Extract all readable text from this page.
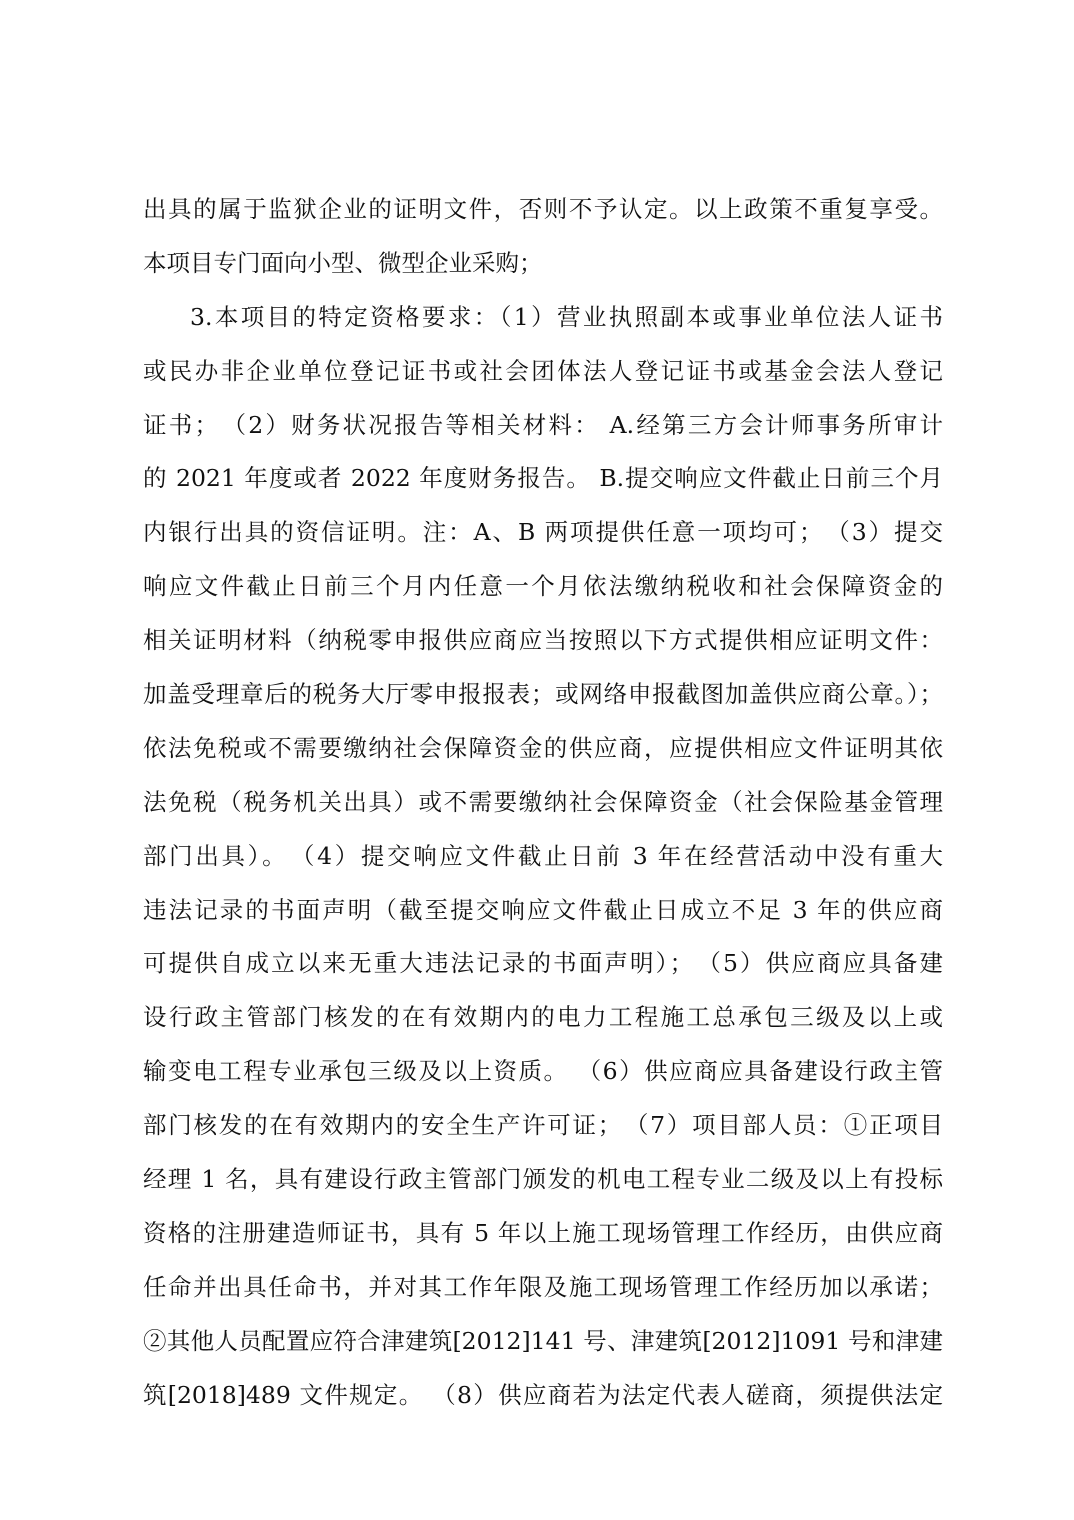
出具的属于监狱企业的证明文件，否则不予认定。以上政策不重复享受。
本项目专门面向小型、微型企业采购；
3.本项目的特定资格要求：（1）营业执照副本或事业单位法人证书
或民办非企业单位登记证书或社会团体法人登记证书或基金会法人登记
证书；　（2）财务状况报告等相关材料： A.经第三方会计师事务所审计
的 2021 年度或者 2022 年度财务报告。 B.提交响应文件截止日前三个月
内银行出具的资信证明。注：A、B 两项提供任意一项均可；　（3）提交
响应文件截止日前三个月内任意一个月依法缴纳税收和社会保障资金的
相关证明材料（纳税零申报供应商应当按照以下方式提供相应证明文件：
加盖受理章后的税务大厅零申报报表；或网络申报截图加盖供应商公章。）；
依法免税或不需要缴纳社会保障资金的供应商，应提供相应文件证明其依
法免税（税务机关出具）或不需要缴纳社会保障资金（社会保险基金管理
部门出具）。　（4）提交响应文件截止日前 3 年在经营活动中没有重大
违法记录的书面声明（截至提交响应文件截止日成立不足 3 年的供应商
可提供自成立以来无重大违法记录的书面声明）；　（5）供应商应具备建
设行政主管部门核发的在有效期内的电力工程施工总承包三级及以上或
输变电工程专业承包三级及以上资质。 （6）供应商应具备建设行政主管
部门核发的在有效期内的安全生产许可证；　（7）项目部人员：①正项目
经理 1 名，具有建设行政主管部门颁发的机电工程专业二级及以上有投标
资格的注册建造师证书，具有 5 年以上施工现场管理工作经历，由供应商
任命并出具任命书，并对其工作年限及施工现场管理工作经历加以承诺；
②其他人员配置应符合津建筑[2012]141 号、津建筑[2012]1091 号和津建
筑[2018]489 文件规定。 （8）供应商若为法定代表人磋商，须提供法定
